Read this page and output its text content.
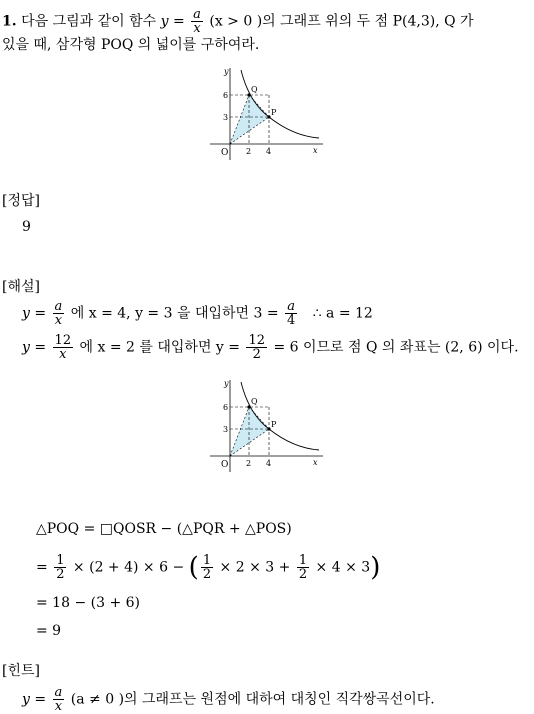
1. 다음 그림과 같이 함수 $y = \frac{a}{x} (x > 0$ )의 그래프 위의 두 점 P(4,3), Q 가
있을 때, 삼각형 POQ 의 넓이를 구하여라.
y
x
O
6
3
2 4
Q
P
[정답]
9
[해설]
$y = \frac{a}{x}$ 에 x = 4, y = 3 을 대입하면 $3 = \frac{a}{4}$ ∴ a = 12
$y = \frac{12}{x}$ 에 x = 2 를 대입하면 $y = \frac{12}{2} = 6$ 이므로 점 Q 의 좌표는 (2, 6) 이다.
y
x
O
6
3
2 4
Q
P
△POQ = □QOSR − (△PQR + △POS)
= $\frac{1}{2} \times (2 + 4) \times 6$ − ( $\frac{1}{2} \times 2 \times 3 + \frac{1}{2} \times 4 \times 3$)
= 18 − (3 + 6)
= 9
[힌트]
$y = \frac{a}{x} (a \ne 0$ )의 그래프는 원점에 대하여 대칭인 직각쌍곡선이다.
